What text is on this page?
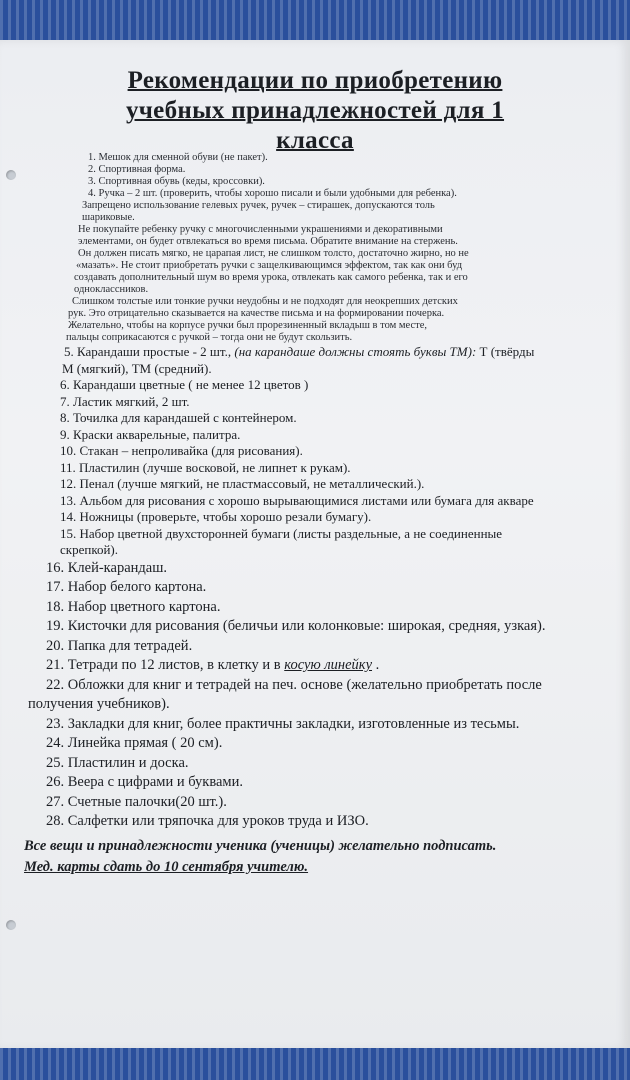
Рекомендации по приобретению
учебных принадлежностей для 1
класса
1. Мешок для сменной обуви (не пакет).
2. Спортивная форма.
3. Спортивная обувь (кеды, кроссовки).
4. Ручка – 2 шт. (проверить, чтобы хорошо писали и были удобными для ребенка).
Запрещено использование гелевых ручек, ручек – стирашек, допускаются толь
шариковые.
Не покупайте ребенку ручку с многочисленными украшениями и декоративными
элементами, он будет отвлекаться во время письма. Обратите внимание на стержень.
Он должен писать мягко, не царапая лист, не слишком толсто, достаточно жирно, но не
«мазать». Не стоит приобретать ручки с защелкивающимся эффектом, так как они буд
создавать дополнительный шум во время урока, отвлекать как самого ребенка, так и его
одноклассников.
Слишком толстые или тонкие ручки неудобны и не подходят для неокрепших детских
рук. Это отрицательно сказывается на качестве письма и на формировании почерка.
Желательно, чтобы на корпусе ручки был прорезиненный вкладыш в том месте,
пальцы соприкасаются с ручкой – тогда они не будут скользить.
5. Карандаши простые - 2 шт., (на карандаше должны стоять буквы ТМ): Т (твёрды
М (мягкий), ТМ (средний).
6. Карандаши цветные ( не менее 12 цветов )
7. Ластик мягкий, 2 шт.
8. Точилка для карандашей с контейнером.
9. Краски акварельные, палитра.
10. Стакан – непроливайка (для рисования).
11. Пластилин (лучше восковой, не липнет к рукам).
12. Пенал (лучше мягкий, не пластмассовый, не металлический.).
13. Альбом для рисования с хорошо вырывающимися листами или бумага для акваре
14. Ножницы (проверьте, чтобы хорошо резали бумагу).
15. Набор цветной двухсторонней бумаги (листы раздельные, а не соединенные
скрепкой).
16. Клей-карандаш.
17. Набор белого картона.
18. Набор цветного картона.
19. Кисточки для рисования (беличьи или колонковые: широкая, средняя, узкая).
20. Папка для тетрадей.
21. Тетради по 12 листов, в клетку и в косую линейку .
22. Обложки для книг и тетрадей на печ. основе (желательно приобретать после
получения учебников).
23. Закладки для книг, более практичны закладки, изготовленные из тесьмы.
24. Линейка прямая ( 20 см).
25. Пластилин и доска.
26. Веера с цифрами и буквами.
27. Счетные палочки(20 шт.).
28. Салфетки или тряпочка для уроков труда и ИЗО.
Все вещи и принадлежности ученика (ученицы) желательно подписать.
Мед. карты сдать до 10 сентября учителю.
